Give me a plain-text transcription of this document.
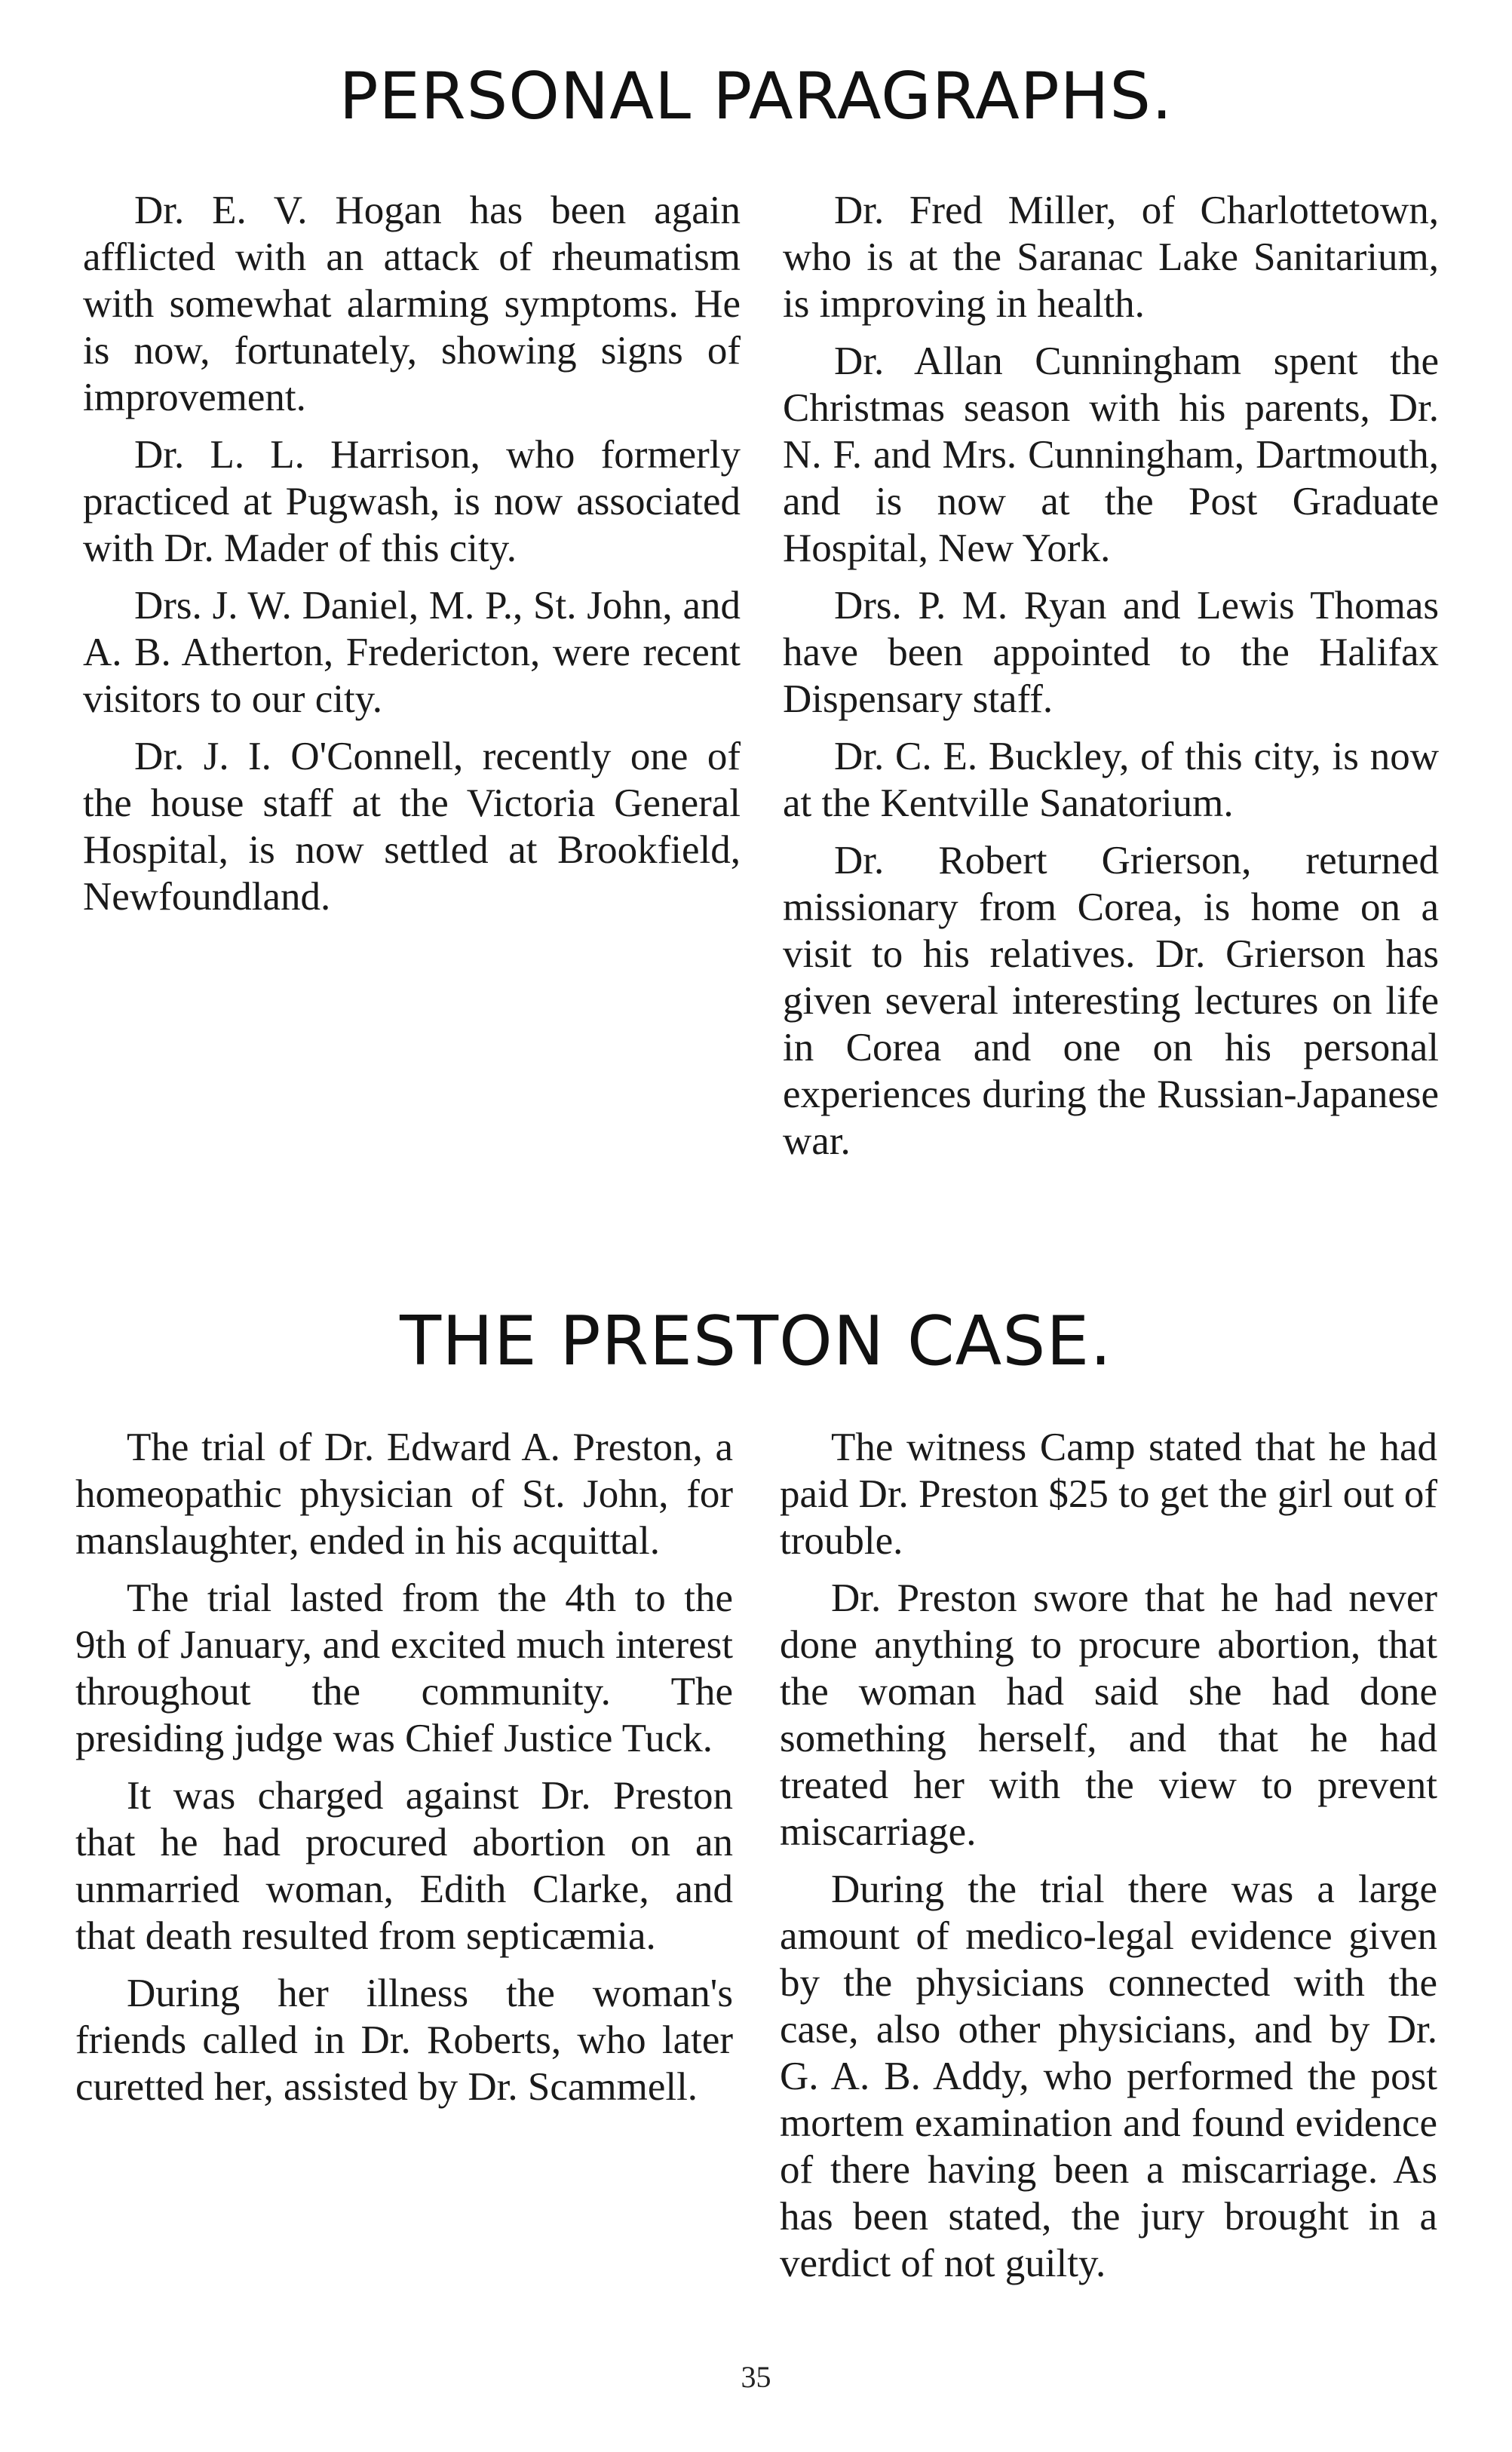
PERSONAL PARAGRAPHS.

Dr. E. V. Hogan has been again afflicted with an attack of rheumatism with somewhat alarming symptoms. He is now, fortunately, showing signs of improvement.

Dr. L. L. Harrison, who formerly practiced at Pugwash, is now associated with Dr. Mader of this city.

Drs. J. W. Daniel, M. P., St. John, and A. B. Atherton, Fredericton, were recent visitors to our city.

Dr. J. I. O'Connell, recently one of the house staff at the Victoria General Hospital, is now settled at Brookfield, Newfoundland.

Dr. Fred Miller, of Charlottetown, who is at the Saranac Lake Sanitarium, is improving in health.

Dr. Allan Cunningham spent the Christmas season with his parents, Dr. N. F. and Mrs. Cunningham, Dartmouth, and is now at the Post Graduate Hospital, New York.

Drs. P. M. Ryan and Lewis Thomas have been appointed to the Halifax Dispensary staff.

Dr. C. E. Buckley, of this city, is now at the Kentville Sanatorium.

Dr. Robert Grierson, returned missionary from Corea, is home on a visit to his relatives. Dr. Grierson has given several interesting lectures on life in Corea and one on his personal experiences during the Russian-Japanese war.

THE PRESTON CASE.

The trial of Dr. Edward A. Preston, a homeopathic physician of St. John, for manslaughter, ended in his acquittal.

The trial lasted from the 4th to the 9th of January, and excited much interest throughout the community. The presiding judge was Chief Justice Tuck.

It was charged against Dr. Preston that he had procured abortion on an unmarried woman, Edith Clarke, and that death resulted from septicæmia.

During her illness the woman's friends called in Dr. Roberts, who later curetted her, assisted by Dr. Scammell.

The witness Camp stated that he had paid Dr. Preston $25 to get the girl out of trouble.

Dr. Preston swore that he had never done anything to procure abortion, that the woman had said she had done something herself, and that he had treated her with the view to prevent miscarriage.

During the trial there was a large amount of medico-legal evidence given by the physicians connected with the case, also other physicians, and by Dr. G. A. B. Addy, who performed the post mortem examination and found evidence of there having been a miscarriage. As has been stated, the jury brought in a verdict of not guilty.

35
